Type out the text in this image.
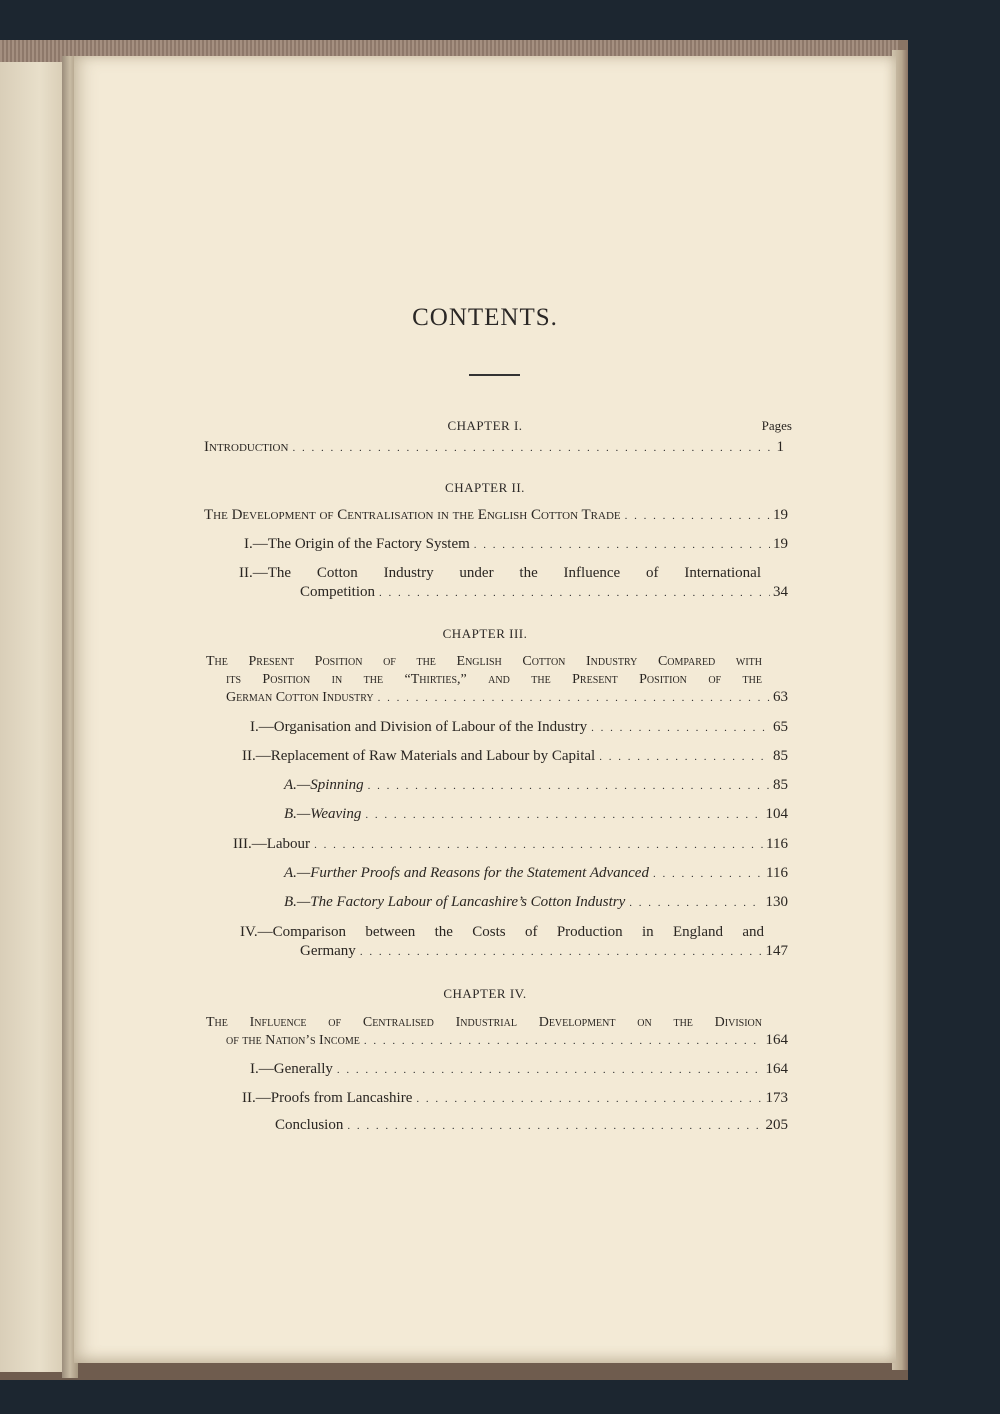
CONTENTS.
CHAPTER I.	Pages
Introduction . . .	1
CHAPTER II.
The Development of Centralisation in the English Cotton Trade . . .	19
I.—The Origin of the Factory System . . .	19
II.—The Cotton Industry under the Influence of International
Competition . . .	34
CHAPTER III.
The Present Position of the English Cotton Industry Compared with
its Position in the “Thirties,” and the Present Position of the
German Cotton Industry . . .	63
I.—Organisation and Division of Labour of the Industry . . .	65
II.—Replacement of Raw Materials and Labour by Capital . . .	85
A.—Spinning . . .	85
B.—Weaving . . .	104
III.—Labour . . .	116
A.—Further Proofs and Reasons for the Statement Advanced . . .	116
B.—The Factory Labour of Lancashire’s Cotton Industry . . .	130
IV.—Comparison between the Costs of Production in England and
Germany . . .	147
CHAPTER IV.
The Influence of Centralised Industrial Development on the Division
of the Nation’s Income . . .	164
I.—Generally . . .	164
II.—Proofs from Lancashire . . .	173
Conclusion . . .	205
